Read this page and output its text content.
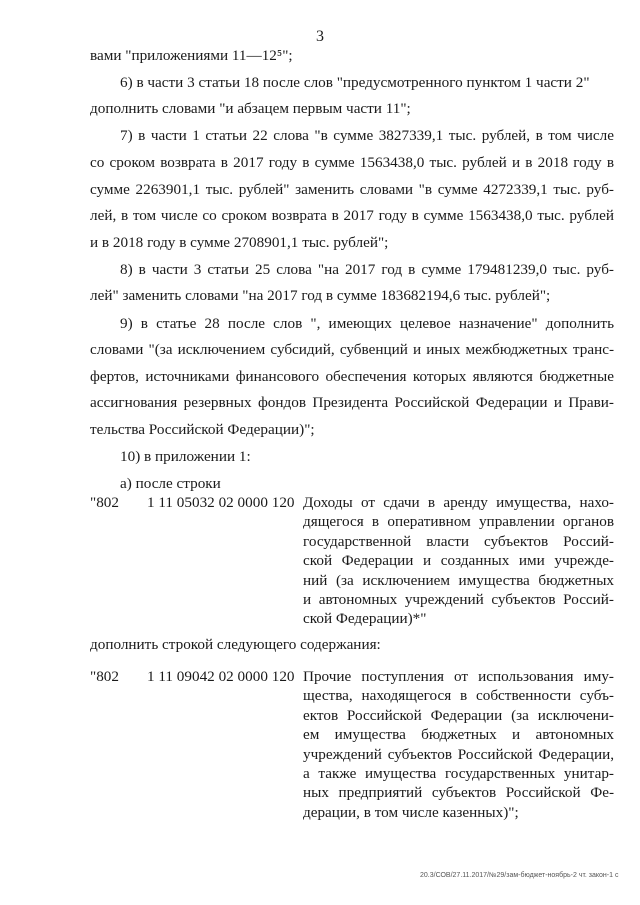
3
вами "приложениями 11—12⁵";
6) в части 3 статьи 18 после слов "предусмотренного пунктом 1 части 2"
дополнить словами "и абзацем первым части 11";
7) в части 1 статьи 22 слова "в сумме 3827339,1 тыс. рублей, в том числе
со сроком возврата в 2017 году в сумме 1563438,0 тыс. рублей и в 2018 году в
сумме 2263901,1 тыс. рублей" заменить словами "в сумме 4272339,1 тыс. руб-
лей, в том числе со сроком возврата в 2017 году в сумме 1563438,0 тыс. рублей
и в 2018 году в сумме 2708901,1 тыс. рублей";
8) в части 3 статьи 25 слова "на 2017 год в сумме 179481239,0 тыс. руб-
лей" заменить словами "на 2017 год в сумме 183682194,6 тыс. рублей";
9) в статье 28 после слов ", имеющих целевое назначение" дополнить
словами "(за исключением субсидий, субвенций и иных межбюджетных транс-
фертов, источниками финансового обеспечения которых являются бюджетные
ассигнования резервных фондов Президента Российской Федерации и Прави-
тельства Российской Федерации)";
10) в приложении 1:
а) после строки
"802 1 11 05032 02 0000 120 Доходы от сдачи в аренду имущества, нахо-
дящегося в оперативном управлении органов
государственной власти субъектов Россий-
ской Федерации и созданных ими учрежде-
ний (за исключением имущества бюджетных
и автономных учреждений субъектов Россий-
ской Федерации)*"
дополнить строкой следующего содержания:
"802 1 11 09042 02 0000 120 Прочие поступления от использования иму-
щества, находящегося в собственности субъ-
ектов Российской Федерации (за исключени-
ем имущества бюджетных и автономных
учреждений субъектов Российской Федерации,
а также имущества государственных унитар-
ных предприятий субъектов Российской Фе-
дерации, в том числе казенных)";
20.3/СОВ/27.11.2017/№29/зам-бюджет-ноябрь-2 чт. закон-1 с
